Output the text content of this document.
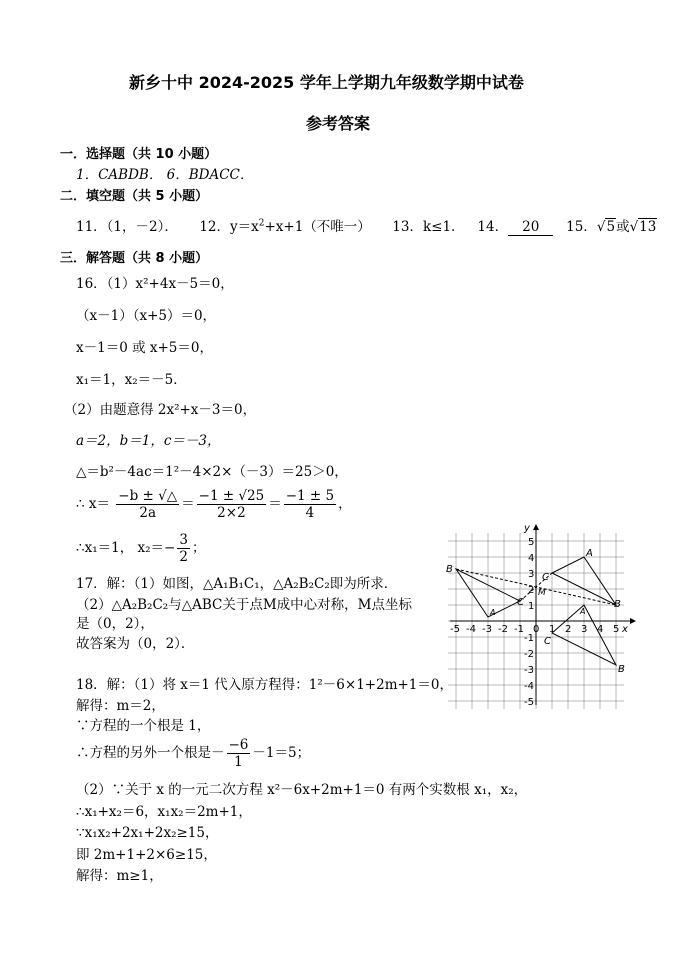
新乡十中 2024-2025 学年上学期九年级数学期中试卷
参考答案
一．选择题（共 10 小题）
1．CABDB． 6．BDACC．
二．填空题（共 5 小题）
11．（1，－2）． 12．$y=x^2+x+1$（不唯一） 13．k≤1． 14． 20 15．√5或√13
三．解答题（共 8 小题）
16．（1）x²+4x－5＝0，
（x－1）（x+5）＝0，
x－1＝0 或 x+5＝0，
x₁＝1，x₂＝－5．
（2）由题意得 2x²+x－3＝0，
a＝2，b＝1，c＝－3，
△＝b²－4ac＝1²－4×2×（－3）＝25＞0，
∴ $x= \frac{-b \pm √\triangle}{2a} = \frac{-1 \pm √25}{2\times 2} = \frac{-1 \pm 5}{4}$ ，
∴x₁＝1， $x_2=- \frac{3}{2}$ ；
17．解：（1）如图，△A₁B₁C₁，△A₂B₂C₂即为所求．
（2）△A₂B₂C₂与△ABC关于点M成中心对称，M点坐标
是（0，2），
故答案为（0，2）．
18．解：（1）将 x＝1 代入原方程得：1²－6×1+2m+1＝0，
解得：m＝2，
∵方程的一个根是 1，
∴方程的另外一个根是－ $\frac{-6}{1} -1=5$；
（2）∵关于 x 的一元二次方程 x²－6x+2m+1＝0 有两个实数根 x₁，x₂，
∴x₁+x₂＝6，x₁x₂＝2m+1，
∵x₁x₂+2x₁+2x₂≥15，
即 2m+1+2×6≥15，
解得：m≥1，
x
y
-5 -4 -3 -2 -1 0 1 2 3 4 5
5
4
3
2
1
-1
-2
-3
-4
-5
B
A
C
M
A
B
C
A
B
C
